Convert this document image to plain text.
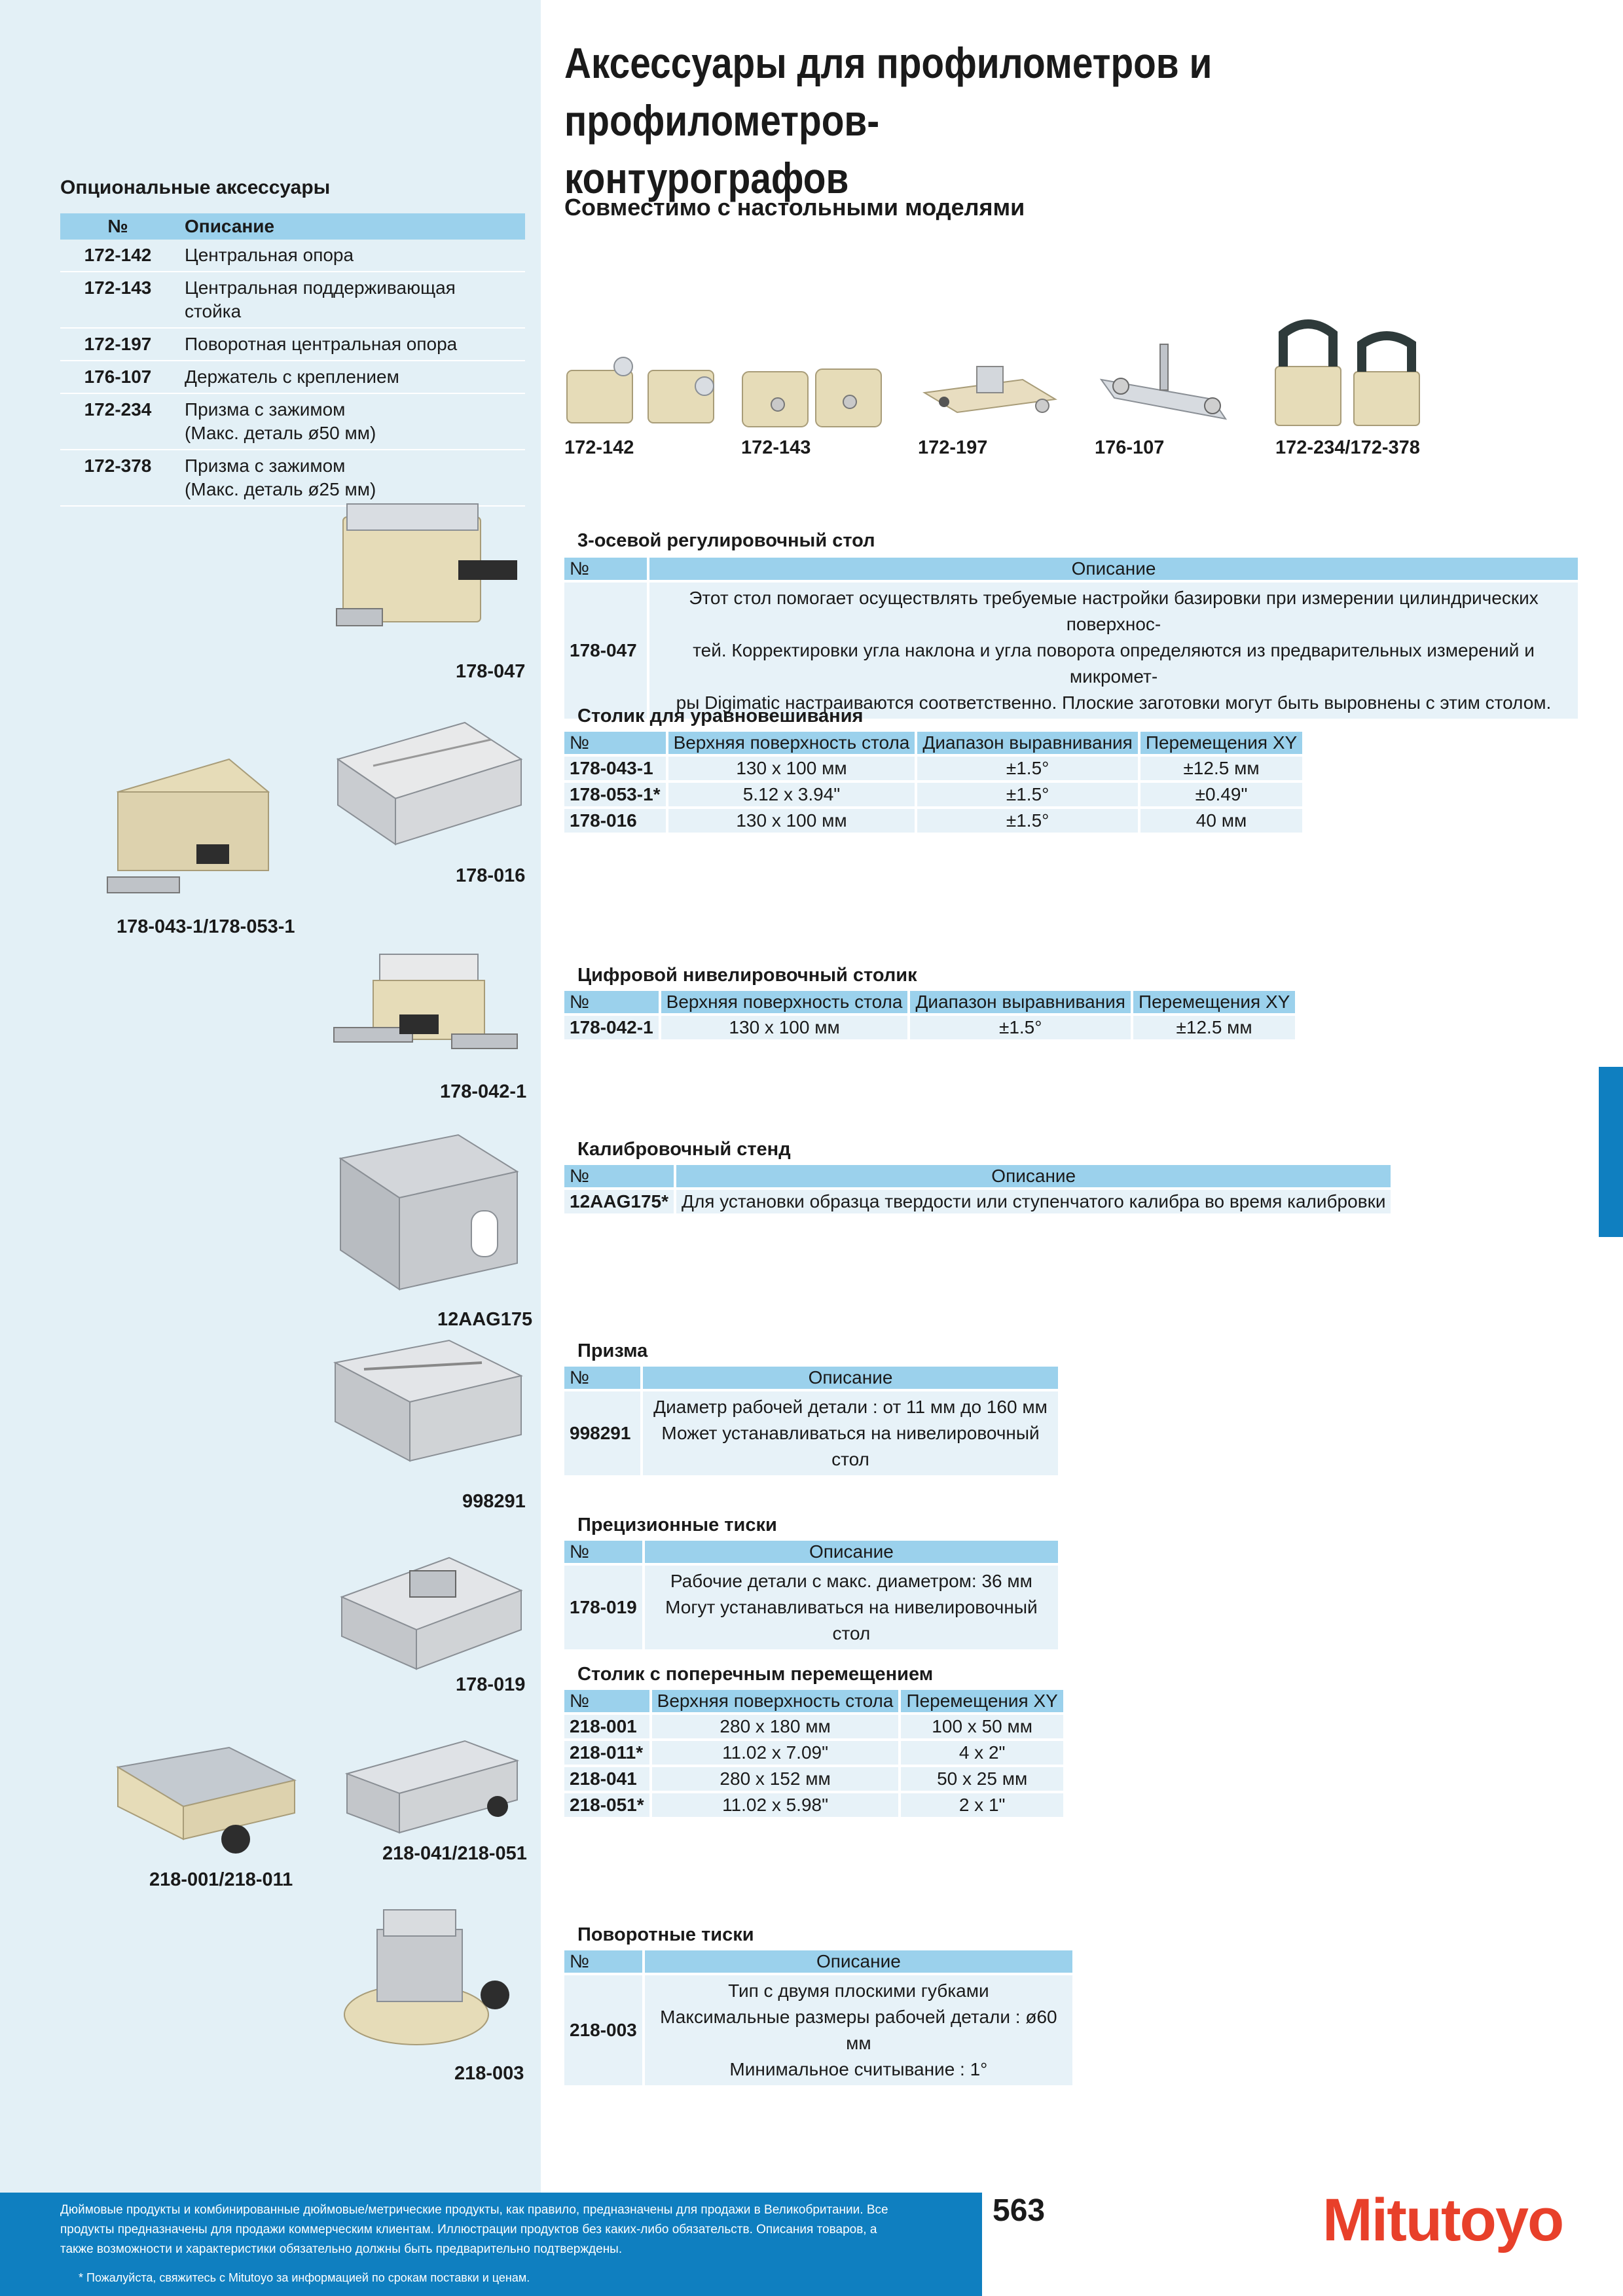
Аксессуары для профилометров и профилометров-
контурографов
Совместимо с настольными моделями
Опциональные аксессуары
№	Описание
172-142	Центральная опора
172-143	Центральная поддерживающая стойка
172-197	Поворотная центральная опора
176-107	Держатель с креплением
172-234	Призма с зажимом
(Макс. деталь ø50 мм)

172-378	Призма с зажимом
(Макс. деталь ø25 мм)
172-142	172-143	172-197	176-107	172-234/172-378
178-047
178-016
178-043-1/178-053-1
178-042-1
12AAG175
998291
178-019
218-041/218-051
218-001/218-011
218-003
3-осевой регулировочный стол
№	Описание
178-047	Этот стол помогает осуществлять требуемые настройки базировки при измерении цилиндрических поверхнос-
тей. Корректировки угла наклона и угла поворота определяются из предварительных измерений и микромет-
ры Digimatic настраиваются соответственно. Плоские заготовки могут быть выровнены с этим столом.
Столик для уравновешивания
№	Верхняя поверхность стола	Диапазон выравнивания	Перемещения XY
178-043-1	130 x 100 мм	±1.5°	±12.5 мм
178-053-1*	5.12 x 3.94"	±1.5°	±0.49"
178-016	130 x 100 мм	±1.5°	40 мм
Цифровой нивелировочный столик
№	Верхняя поверхность стола	Диапазон выравнивания	Перемещения XY
178-042-1	130 x 100 мм	±1.5°	±12.5 мм
Калибровочный стенд
№	Описание
12AAG175*	Для установки образца твердости или ступенчатого калибра во время калибровки
Призма
№	Описание
998291	Диаметр рабочей детали : от 11 мм до 160 мм
Может устанавливаться на нивелировочный стол
Прецизионные тиски
№	Описание
178-019	Рабочие детали с макс. диаметром: 36 мм
Могут устанавливаться на нивелировочный стол
Столик с поперечным перемещением
№	Верхняя поверхность стола	Перемещения XY
218-001	280 x 180 мм	100 x 50 мм
218-011*	11.02 x 7.09"	4 x 2"
218-041	280 x 152 мм	50 x 25 мм
218-051*	11.02 x 5.98"	2 x 1"
Поворотные тиски
№	Описание
218-003	Тип с двумя плоскими губками
Максимальные размеры рабочей детали : ø60 мм
Минимальное считывание : 1°
Дюймовые продукты и комбинированные дюймовые/метрические продукты, как правило, предназначены для продажи в Великобритании. Все продукты предназначены для продажи коммерческим клиентам. Иллюстрации продуктов без каких-либо обязательств. Описания товаров, а также возможности и характеристики обязательно должны быть предварительно подтверждены.
* Пожалуйста, свяжитесь с Mitutoyo за информацией по срокам поставки и ценам.
563	Mitutoyo
